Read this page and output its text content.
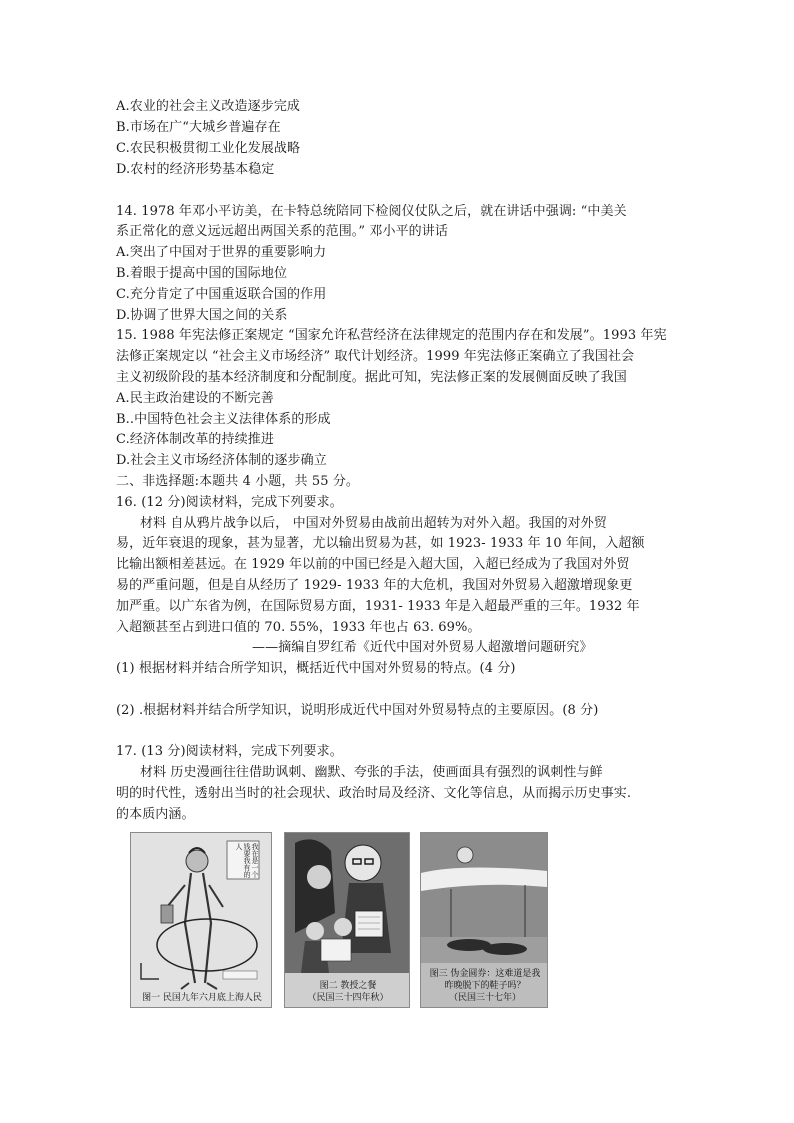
A.农业的社会主义改造逐步完成
B.市场在广“大城乡普遍存在
C.农民积极贯彻工业化发展战略
D.农村的经济形势基本稳定
14. 1978 年邓小平访美，在卡特总统陪同下检阅仪仗队之后，就在讲话中强调: “中美关
系正常化的意义远远超出两国关系的范围。” 邓小平的讲话
A.突出了中国对于世界的重要影响力
B.着眼于提高中国的国际地位
C.充分肯定了中国重返联合国的作用
D.协调了世界大国之间的关系
15. 1988 年宪法修正案规定 “国家允许私营经济在法律规定的范围内存在和发展”。1993 年宪
法修正案规定以 “社会主义市场经济” 取代计划经济。1999 年宪法修正案确立了我国社会
主义初级阶段的基本经济制度和分配制度。据此可知，宪法修正案的发展侧面反映了我国
A.民主政治建设的不断完善
B..中国特色社会主义法律体系的形成
C.经济体制改革的持续推进
D.社会主义市场经济体制的逐步确立
二、非选择题:本题共 4 小题，共 55 分。
16. (12 分)阅读材料，完成下列要求。
材料 自从鸦片战争以后， 中国对外贸易由战前出超转为对外入超。我国的对外贸
易，近年衰退的现象，甚为显著，尤以输出贸易为甚，如 1923- 1933 年 10 年间，入超额
比输出额相差甚远。在 1929 年以前的中国已经是入超大国，入超已经成为了我国对外贸
易的严重问题，但是自从经历了 1929- 1933 年的大危机，我国对外贸易入超激增现象更
加严重。以广东省为例，在国际贸易方面，1931- 1933 年是入超最严重的三年。1932 年
入超额甚至占到进口值的 70. 55%，1933 年也占 63. 69%。
——摘编自罗红希《近代中国对外贸易人超激增问题研究》
(1) 根据材料并结合所学知识，概括近代中国对外贸易的特点。(4 分)
(2) .根据材料并结合所学知识，说明形成近代中国对外贸易特点的主要原因。(8 分)
17. (13 分)阅读材料，完成下列要求。
材料 历史漫画往往借助讽刺、幽默、夸张的手法，使画面具有强烈的讽刺性与鲜
明的时代性，透射出当时的社会现状、政治时局及经济、文化等信息，从而揭示历史事实.
的本质内涵。
我在是一个钱要我有的人
图一 民国九年六月底上海人民
图二 教授之餐
（民国三十四年秋）
图三 伪金圆券：这难道是我
昨晚脱下的鞋子吗？
（民国三十七年）
